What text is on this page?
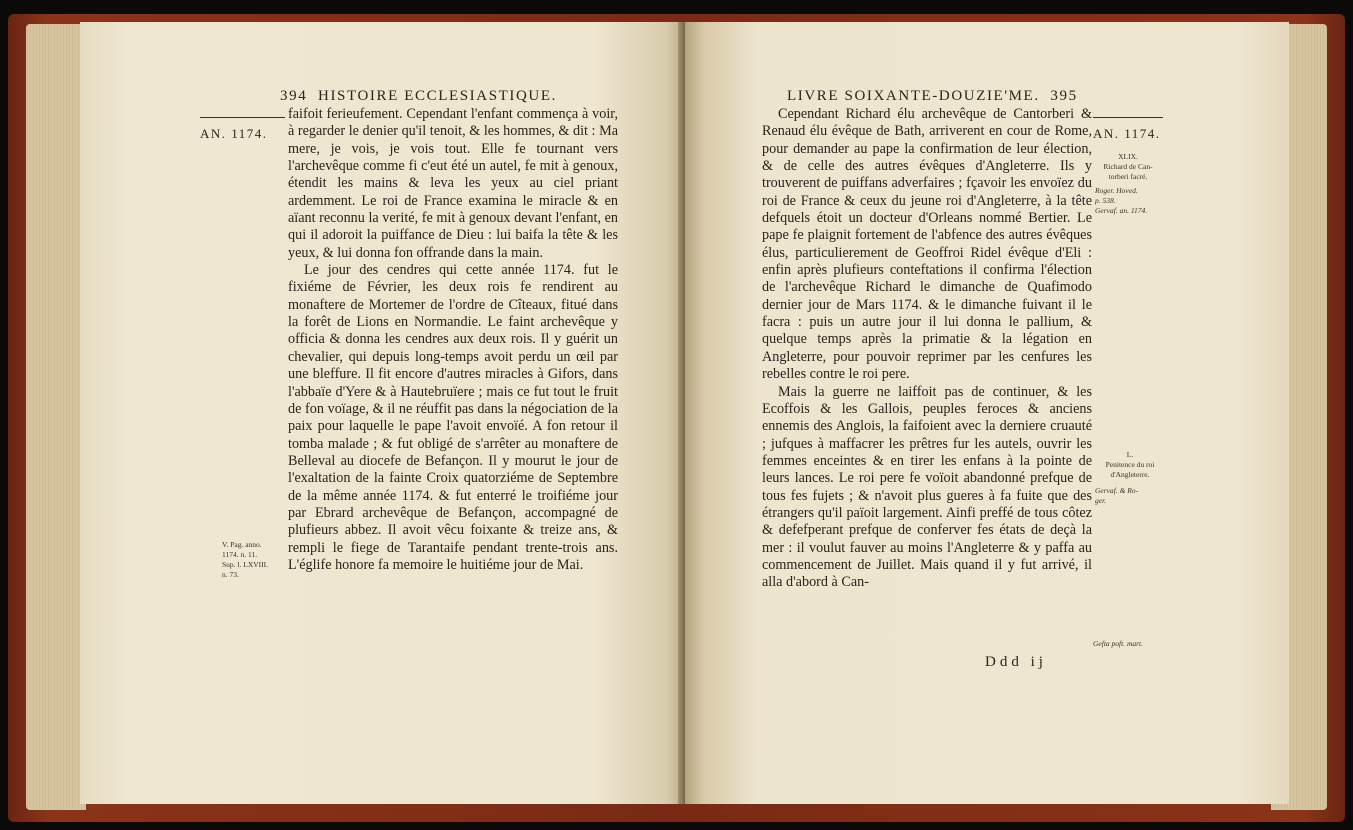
394 HISTOIRE ECCLESIASTIQUE.
AN. 1174.

faifoit ferieufement. Cependant l'enfant commença à voir, à regarder le denier qu'il tenoit, & les hommes, & dit : Ma mere, je vois, je vois tout. Elle fe tournant vers l'archevêque comme fi c'eut été un autel, fe mit à genoux, étendit les mains & leva les yeux au ciel priant ardemment. Le roi de France examina le miracle & en aïant reconnu la verité, fe mit à genoux devant l'enfant, en qui il adoroit la puiffance de Dieu : lui baifa la tête & les yeux, & lui donna fon offrande dans la main.

Le jour des cendres qui cette année 1174. fut le fixiéme de Février, les deux rois fe rendirent au monaftere de Mortemer de l'ordre de Cîteaux, fitué dans la forêt de Lions en Normandie. Le faint archevêque y officia & donna les cendres aux deux rois. Il y guérit un chevalier, qui depuis long-temps avoit perdu un œil par une bleffure. Il fit encore d'autres miracles à Gifors, dans l'abbaïe d'Yere & à Hautebruïere ; mais ce fut tout le fruit de fon voïage, & il ne réuffit pas dans la négociation de la paix pour laquelle le pape l'avoit envoïé. A fon retour il tomba malade ; & fut obligé de s'arrêter au monaftere de Belleval au diocefe de Befançon. Il y mourut le jour de l'exaltation de la fainte Croix quatorziéme de Septembre de la même année 1174. & fut enterré le troifiéme jour par Ebrard archevêque de Befançon, accompagné de plufieurs abbez. Il avoit vêcu foixante & treize ans, & rempli le fiege de Tarantaife pendant trente-trois ans. L'églife honore fa memoire le huitiéme jour de Mai.

V. Pag. anno.
1174. n. 11.
Sup. l. LXVIII.
n. 73.
LIVRE SOIXANTE-DOUZIE'ME. 395

Cependant Richard élu archevêque de Cantorberi & Renaud élu évêque de Bath, arriverent en cour de Rome, pour demander au pape la confirmation de leur élection, & de celle des autres évêques d'Angleterre. Ils y trouverent de puiffans adverfaires ; fçavoir les envoïez du roi de France & ceux du jeune roi d'Angleterre, à la tête defquels étoit un docteur d'Orleans nommé Bertier. Le pape fe plaignit fortement de l'abfence des autres évêques élus, particulierement de Geoffroi Ridel évêque d'Eli : enfin après plufieurs conteftations il confirma l'élection de l'archevêque Richard le dimanche de Quafimodo dernier jour de Mars 1174. & le dimanche fuivant il le facra : puis un autre jour il lui donna le pallium, & quelque temps après la primatie & la légation en Angleterre, pour pouvoir reprimer par les cenfures les rebelles contre le roi pere.

Mais la guerre ne laiffoit pas de continuer, & les Ecoffois & les Gallois, peuples feroces & anciens ennemis des Anglois, la faifoient avec la derniere cruauté ; jufques à maffacrer les prêtres fur les autels, ouvrir les femmes enceintes & en tirer les enfans à la pointe de leurs lances. Le roi pere fe voïoit abandonné prefque de tous fes fujets ; & n'avoit plus gueres à fa fuite que des étrangers qu'il païoit largement. Ainfi preffé de tous côtez & defefperant prefque de conferver fes états de deçà la mer : il voulut fauver au moins l'Angleterre & y paffa au commencement de Juillet. Mais quand il y fut arrivé, il alla d'abord à Can-

AN. 1174.
XLIX.
Richard de Can-
torberi facré.
Roger. Hoved.
p. 538.
Gervaf. an. 1174.
L.
Penitence du roi
d'Angleterre.
Gervaf. & Ro-
ger.
Gefta poft. mart.
Ddd ij
